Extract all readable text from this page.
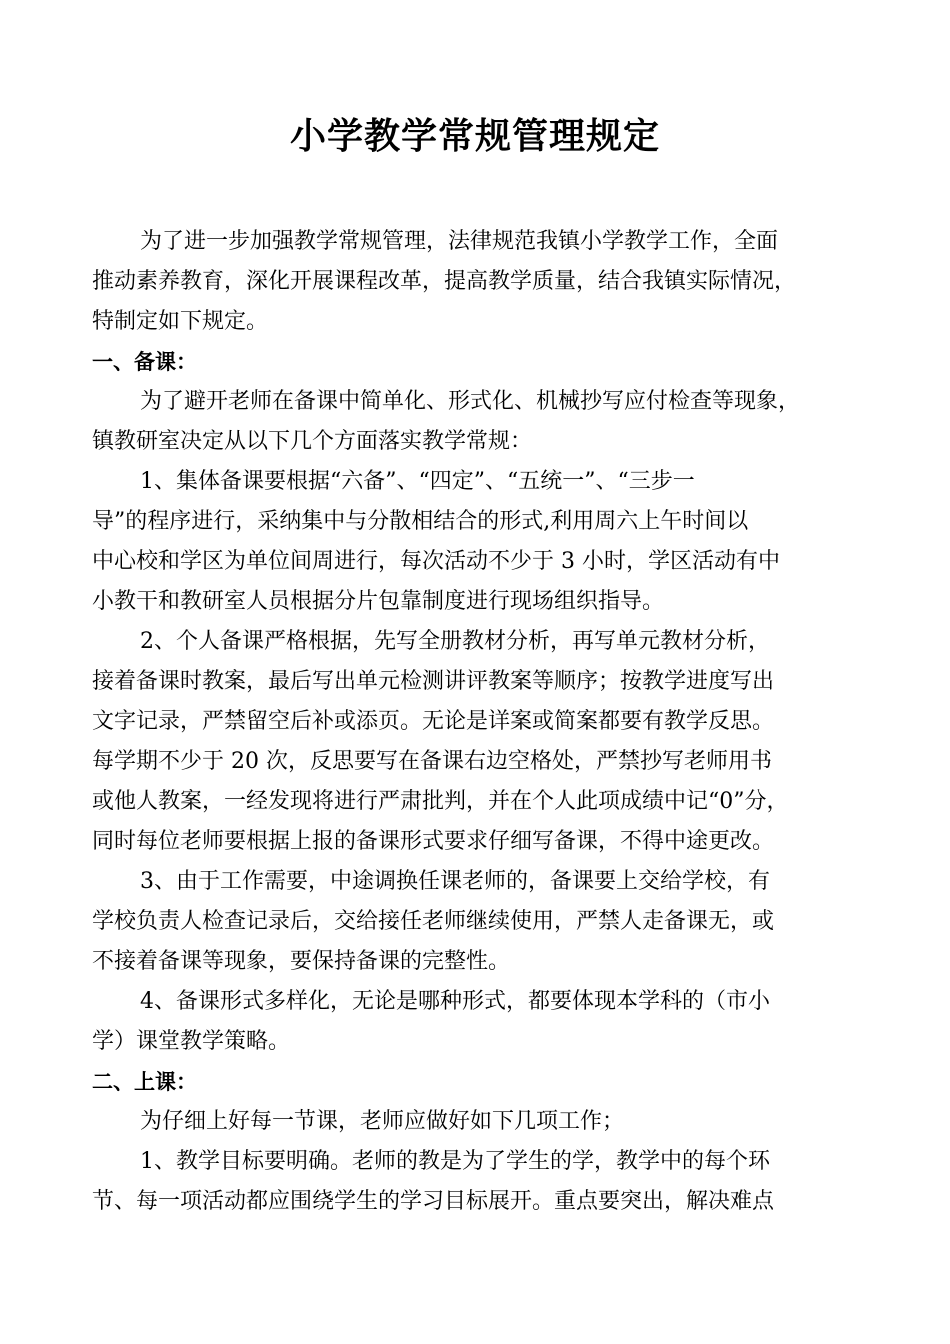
小学教学常规管理规定
为了进一步加强教学常规管理，法律规范我镇小学教学工作，全面
推动素养教育，深化开展课程改革，提高教学质量，结合我镇实际情况，
特制定如下规定。
一、备课：
为了避开老师在备课中简单化、形式化、机械抄写应付检查等现象，
镇教研室决定从以下几个方面落实教学常规：
1、集体备课要根据“六备”、“四定”、“五统一”、“三步一
导”的程序进行，采纳集中与分散相结合的形式,利用周六上午时间以
中心校和学区为单位间周进行，每次活动不少于 3 小时，学区活动有中
小教干和教研室人员根据分片包靠制度进行现场组织指导。
2、个人备课严格根据，先写全册教材分析，再写单元教材分析，
接着备课时教案，最后写出单元检测讲评教案等顺序；按教学进度写出
文字记录，严禁留空后补或添页。无论是详案或简案都要有教学反思。
每学期不少于 20 次，反思要写在备课右边空格处，严禁抄写老师用书
或他人教案，一经发现将进行严肃批判，并在个人此项成绩中记“0”分，
同时每位老师要根据上报的备课形式要求仔细写备课，不得中途更改。
3、由于工作需要，中途调换任课老师的，备课要上交给学校，有
学校负责人检查记录后，交给接任老师继续使用，严禁人走备课无，或
不接着备课等现象，要保持备课的完整性。
4、备课形式多样化，无论是哪种形式，都要体现本学科的（市小
学）课堂教学策略。
二、上课：
为仔细上好每一节课，老师应做好如下几项工作；
1、教学目标要明确。老师的教是为了学生的学，教学中的每个环
节、每一项活动都应围绕学生的学习目标展开。重点要突出，解决难点
